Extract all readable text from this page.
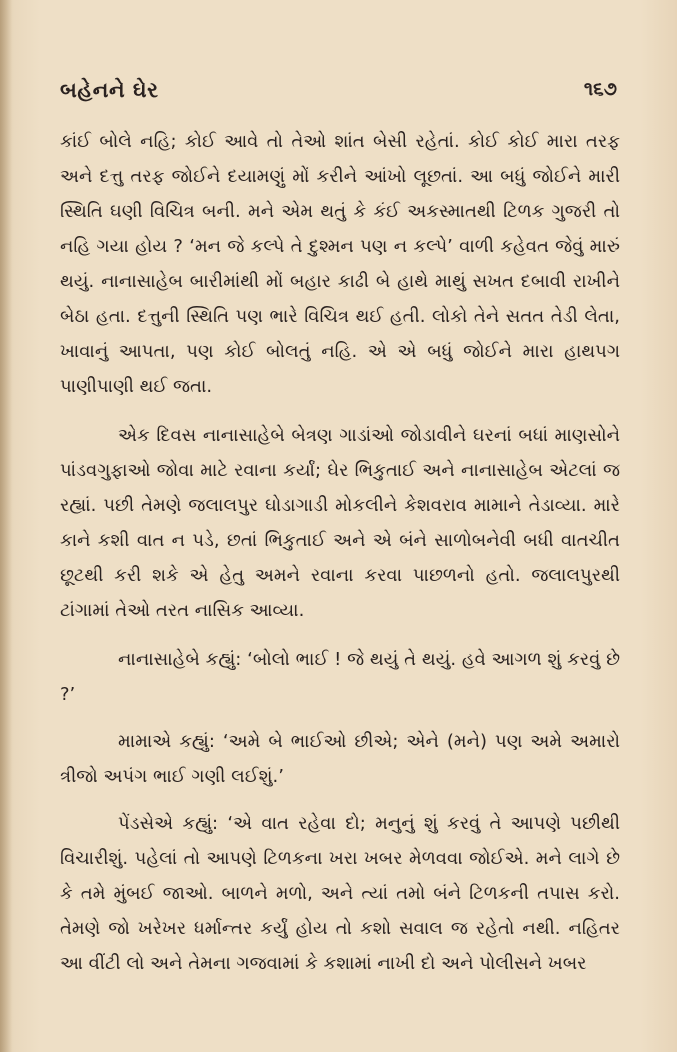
બહેનને ઘેર	૧૬૭

કાંઈ બોલે નહિ; કોઈ આવે તો તેઓ શાંત બેસી રહેતાં. કોઈ કોઈ મારા તરફ અને દત્તુ તરફ જોઈને દયામણું મોં કરીને આંખો લૂછતાં. આ બધું જોઈને મારી સ્થિતિ ઘણી વિચિત્ર બની. મને એમ થતું કે કંઈ અકસ્માતથી ટિળક ગુજરી તો નહિ ગયા હોય ? ‘મન જે કલ્પે તે દુશ્મન પણ ન કલ્પે’ વાળી કહેવત જેવું મારું થયું. નાનાસાહેબ બારીમાંથી મોં બહાર કાઢી બે હાથે માથું સખત દબાવી રાખીને બેઠા હતા. દત્તુની સ્થિતિ પણ ભારે વિચિત્ર થઈ હતી. લોકો તેને સતત તેડી લેતા, ખાવાનું આપતા, પણ કોઈ બોલતું નહિ. એ એ બધું જોઈને મારા હાથપગ પાણીપાણી થઈ જતા.

એક દિવસ નાનાસાહેબે બેત્રણ ગાડાંઓ જોડાવીને ઘરનાં બધાં માણસોને પાંડવગુફાઓ જોવા માટે રવાના કર્યાં; ઘેર ભિકુતાઈ અને નાનાસાહેબ એટલાં જ રહ્યાં. પછી તેમણે જલાલપુર ઘોડાગાડી મોકલીને કેશવરાવ મામાને તેડાવ્યા. મારે કાને કશી વાત ન પડે, છતાં ભિકુતાઈ અને એ બંને સાળોબનેવી બધી વાતચીત છૂટથી કરી શકે એ હેતુ અમને રવાના કરવા પાછળનો હતો. જલાલપુરથી ટાંગામાં તેઓ તરત નાસિક આવ્યા.

નાનાસાહેબે કહ્યું: ‘બોલો ભાઈ ! જે થયું તે થયું. હવે આગળ શું કરવું છે ?’

મામાએ કહ્યું: ‘અમે બે ભાઈઓ છીએ; એને (મને) પણ અમે અમારો ત્રીજો અપંગ ભાઈ ગણી લઈશું.’

પેંડસેએ કહ્યું: ‘એ વાત રહેવા દો; મનુનું શું કરવું તે આપણે પછીથી વિચારીશું. પહેલાં તો આપણે ટિળકના ખરા ખબર મેળવવા જોઈએ. મને લાગે છે કે તમે મુંબઈ જાઓ. બાળને મળો, અને ત્યાં તમો બંને ટિળકની તપાસ કરો. તેમણે જો ખરેખર ધર્માન્તર કર્યું હોય તો કશો સવાલ જ રહેતો નથી. નહિતર આ વીંટી લો અને તેમના ગજવામાં કે કશામાં નાખી દો અને પોલીસને ખબર
